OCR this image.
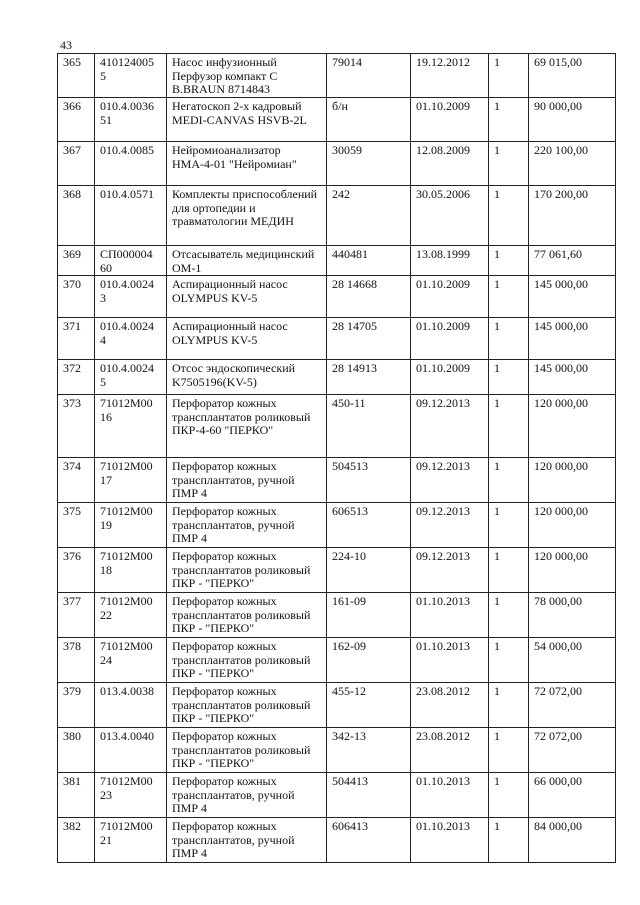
43
365	410124005 5	Насос инфузионный Перфузор компакт С B.BRAUN 8714843	79014	19.12.2012	1	69 015,00
366	010.4.0036 51	Негатоскоп 2-х кадровый MEDI-CANVAS HSVB-2L	б/н	01.10.2009	1	90 000,00
367	010.4.0085	Нейромиоанализатор НМА-4-01 "Нейромиан"	30059	12.08.2009	1	220 100,00
368	010.4.0571	Комплекты приспособлений для ортопедии и травматологии МЕДИН	242	30.05.2006	1	170 200,00
369	СП000004 60	Отсасыватель медицинский ОМ-1	440481	13.08.1999	1	77 061,60
370	010.4.0024 3	Аспирационный насос OLYMPUS KV-5	28 14668	01.10.2009	1	145 000,00
371	010.4.0024 4	Аспирационный насос OLYMPUS KV-5	28 14705	01.10.2009	1	145 000,00
372	010.4.0024 5	Отсос эндоскопический K7505196(KV-5)	28 14913	01.10.2009	1	145 000,00
373	71012М00 16	Перфоратор кожных трансплантатов роликовый ПКР-4-60 "ПЕРКО"	450-11	09.12.2013	1	120 000,00
374	71012М00 17	Перфоратор кожных трансплантатов, ручной ПМР 4	504513	09.12.2013	1	120 000,00
375	71012М00 19	Перфоратор кожных трансплантатов, ручной ПМР 4	606513	09.12.2013	1	120 000,00
376	71012М00 18	Перфоратор кожных трансплантатов роликовый ПКР - "ПЕРКО"	224-10	09.12.2013	1	120 000,00
377	71012М00 22	Перфоратор кожных трансплантатов роликовый ПКР - "ПЕРКО"	161-09	01.10.2013	1	78 000,00
378	71012М00 24	Перфоратор кожных трансплантатов роликовый ПКР - "ПЕРКО"	162-09	01.10.2013	1	54 000,00
379	013.4.0038	Перфоратор кожных трансплантатов роликовый ПКР - "ПЕРКО"	455-12	23.08.2012	1	72 072,00
380	013.4.0040	Перфоратор кожных трансплантатов роликовый ПКР - "ПЕРКО"	342-13	23.08.2012	1	72 072,00
381	71012М00 23	Перфоратор кожных трансплантатов, ручной ПМР 4	504413	01.10.2013	1	66 000,00
382	71012М00 21	Перфоратор кожных трансплантатов, ручной ПМР 4	606413	01.10.2013	1	84 000,00
